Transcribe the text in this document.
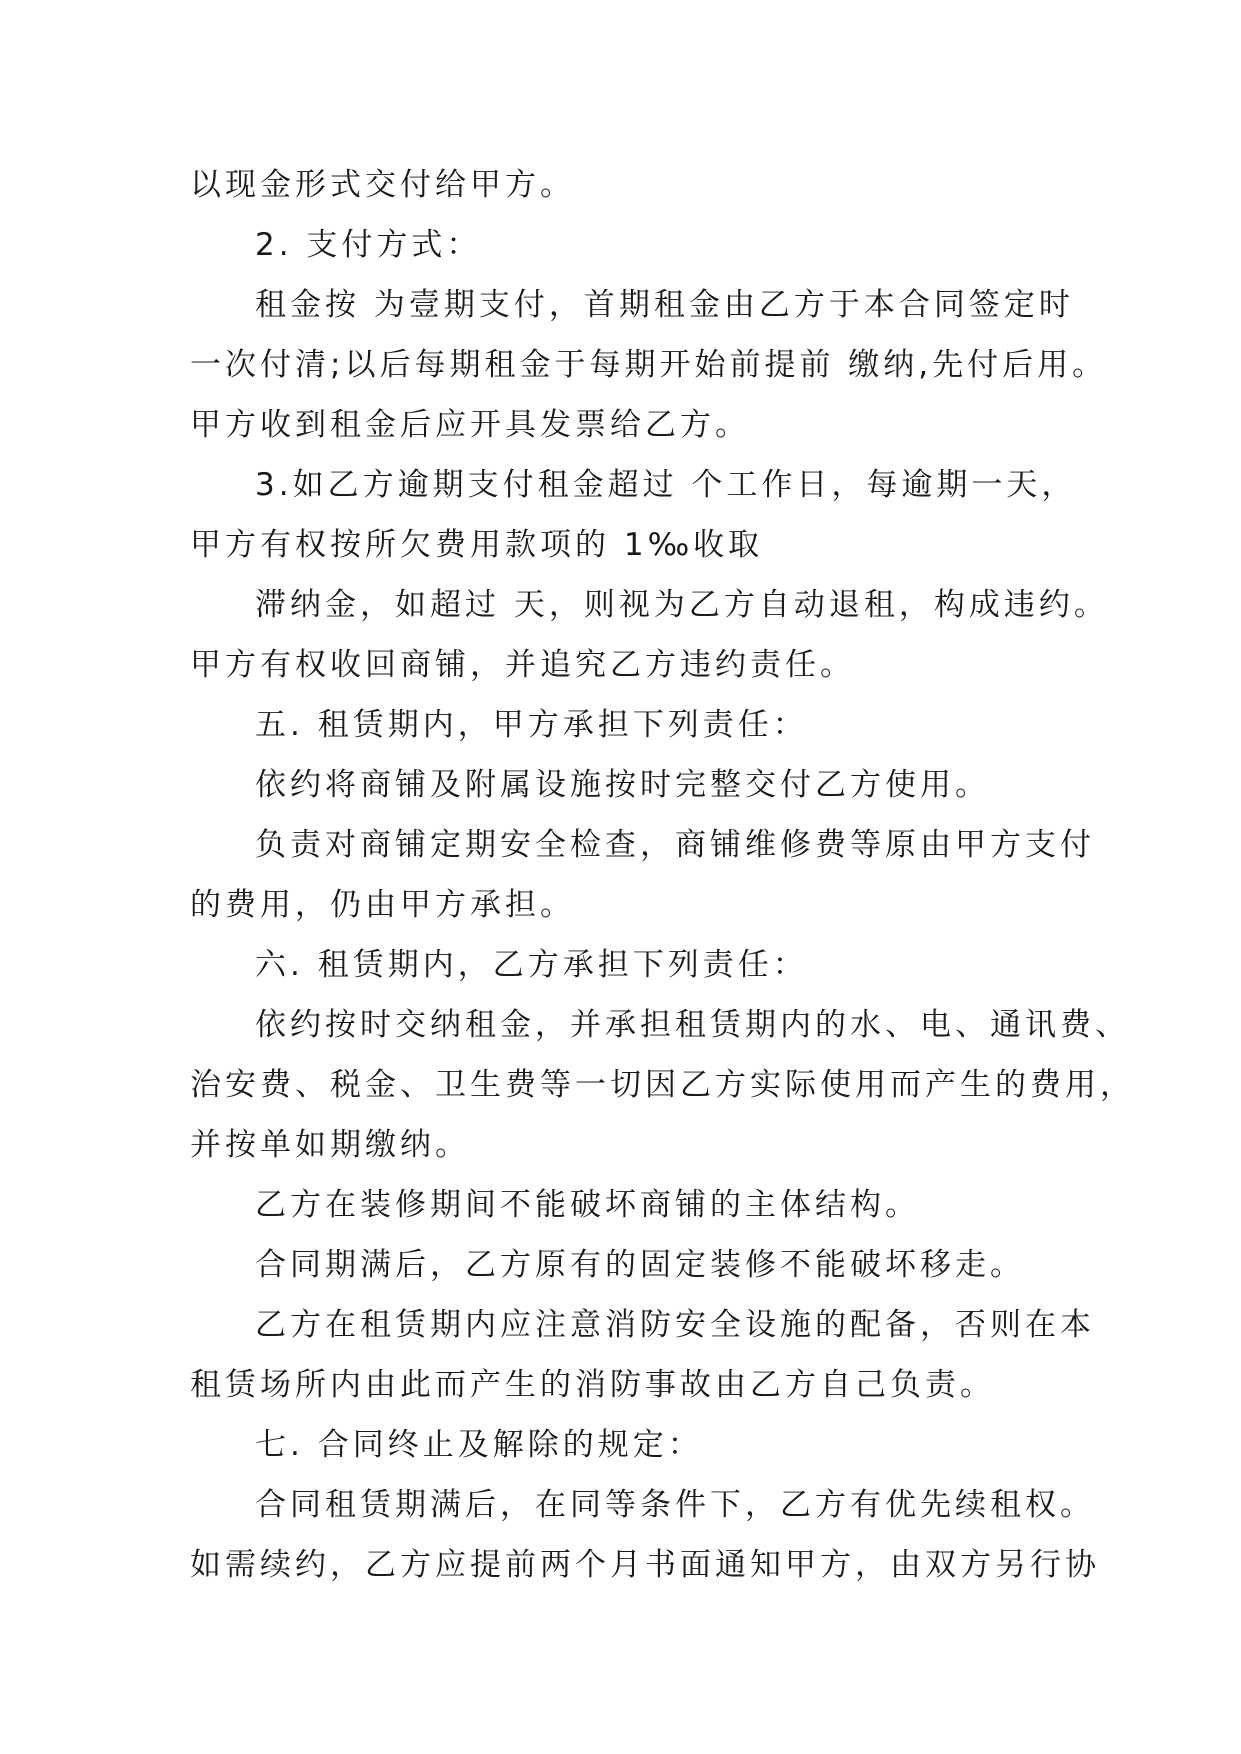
以现金形式交付给甲方。

2. 支付方式：

租金按 为壹期支付，首期租金由乙方于本合同签定时

一次付清;以后每期租金于每期开始前提前 缴纳,先付后用。

甲方收到租金后应开具发票给乙方。

3.如乙方逾期支付租金超过 个工作日，每逾期一天，

甲方有权按所欠费用款项的 1‰收取

滞纳金，如超过 天，则视为乙方自动退租，构成违约。

甲方有权收回商铺，并追究乙方违约责任。

五. 租赁期内，甲方承担下列责任：

依约将商铺及附属设施按时完整交付乙方使用。

负责对商铺定期安全检查，商铺维修费等原由甲方支付

的费用，仍由甲方承担。

六. 租赁期内，乙方承担下列责任：

依约按时交纳租金，并承担租赁期内的水、电、通讯费、

治安费、税金、卫生费等一切因乙方实际使用而产生的费用，

并按单如期缴纳。

乙方在装修期间不能破坏商铺的主体结构。

合同期满后，乙方原有的固定装修不能破坏移走。

乙方在租赁期内应注意消防安全设施的配备，否则在本

租赁场所内由此而产生的消防事故由乙方自己负责。

七. 合同终止及解除的规定：

合同租赁期满后，在同等条件下，乙方有优先续租权。

如需续约，乙方应提前两个月书面通知甲方，由双方另行协
